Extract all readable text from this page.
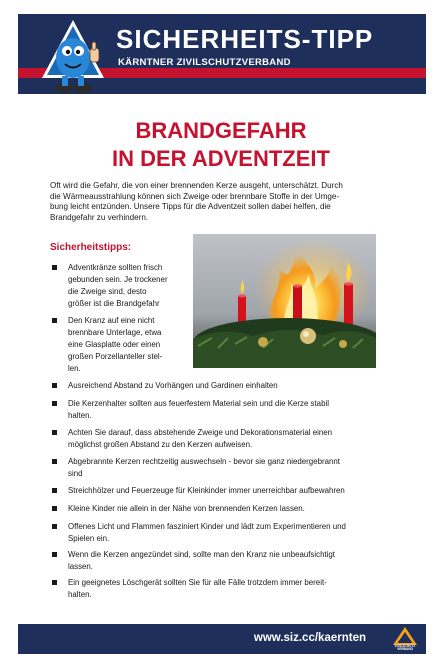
SICHERHEITS-TIPP
KÄRNTNER ZIVILSCHUTZVERBAND
BRANDGEFAHR
IN DER ADVENTZEIT
Oft wird die Gefahr, die von einer brennenden Kerze ausgeht, unterschätzt. Durch
die Wärmeausstrahlung können sich Zweige oder brennbare Stoffe in der Umge-
bung leicht entzünden. Unsere Tipps für die Adventzeit sollen dabei helfen, die
Brandgefahr zu verhindern.
Sicherheitstipps:
Adventkränze sollten frisch
gebunden sein. Je trockener
die Zweige sind, desto
größer ist die Brandgefahr
Den Kranz auf eine nicht
brennbare Unterlage, etwa
eine Glasplatte oder einen
großen Porzellanteller stel-
len.
Ausreichend Abstand zu Vorhängen und Gardinen einhalten
Die Kerzenhalter sollten aus feuerfestem Material sein und die Kerze stabil
halten.
Achten Sie darauf, dass abstehende Zweige und Dekorationsmaterial einen
möglichst großen Abstand zu den Kerzen aufweisen.
Abgebrannte Kerzen rechtzeitig auswechseln - bevor sie ganz niedergebrannt
sind
Streichhölzer und Feuerzeuge für Kleinkinder immer unerreichbar aufbewahren
Kleine Kinder nie allein in der Nähe von brennenden Kerzen lassen.
Offenes Licht und Flammen fasziniert Kinder und lädt zum Experimentieren und
Spielen ein.
Wenn die Kerzen angezündet sind, sollte man den Kranz nie unbeaufsichtigt
lassen.
Ein geeignetes Löschgerät sollten Sie für alle Fälle trotzdem immer bereit-
halten.
www.siz.cc/kaernten
ZIVILSCHUTZ
VERBAND
